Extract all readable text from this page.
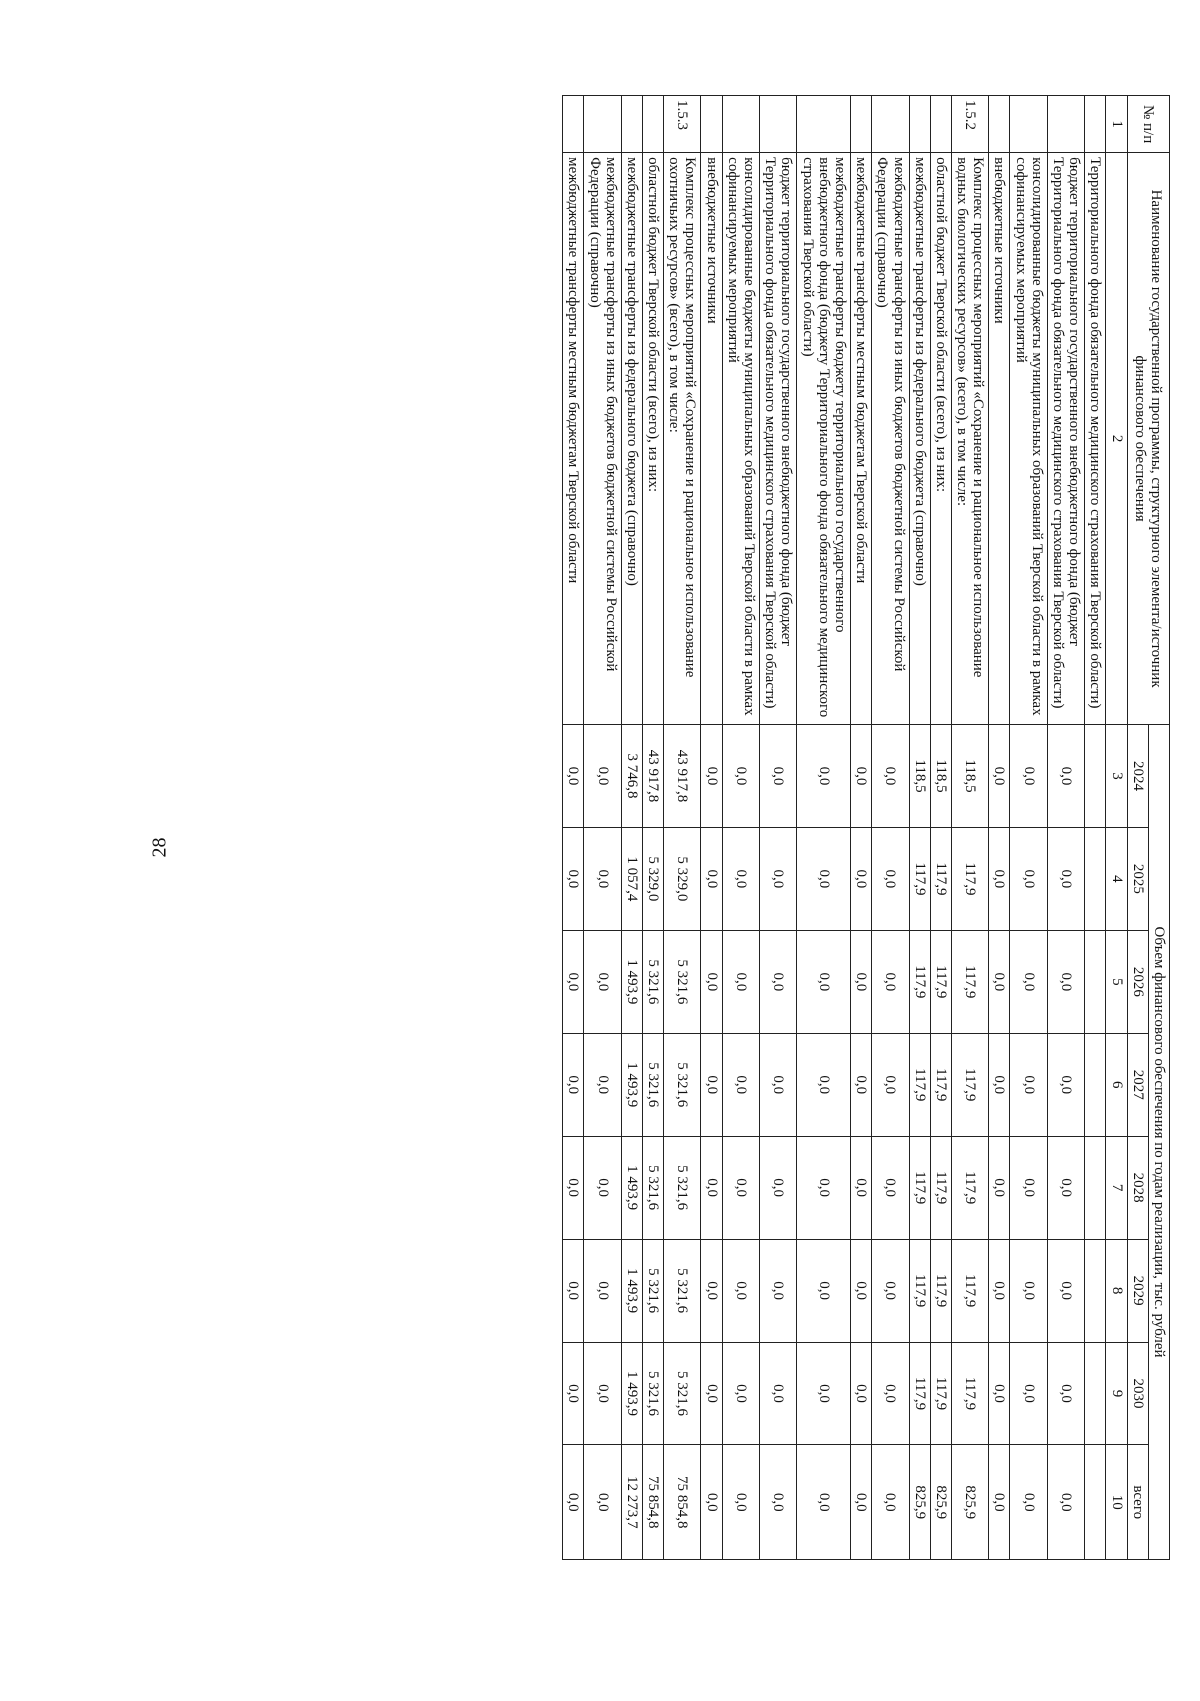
28
№ п/п	Наименование государственной программы, структурного элемента/источник финансового обеспечения	Объем финансового обеспечения по годам реализации, тыс. рублей							
		2024	2025	2026	2027	2028	2029	2030	всего
1	2	3	4	5	6	7	8	9	10
	Территориального фонда обязательного медицинского страхования Тверской области)								
	бюджет территориального государственного внебюджетного фонда (бюджет Территориального фонда обязательного медицинского страхования Тверской области)	0,0	0,0	0,0	0,0	0,0	0,0	0,0	0,0
	консолидированные бюджеты муниципальных образований Тверской области в рамках софинансируемых мероприятий	0,0	0,0	0,0	0,0	0,0	0,0	0,0	0,0
	внебюджетные источники	0,0	0,0	0,0	0,0	0,0	0,0	0,0	0,0
1.5.2	Комплекс процессных мероприятий «Сохранение и рациональное использование водных биологических ресурсов» (всего), в том числе:	118,5	117,9	117,9	117,9	117,9	117,9	117,9	825,9
	областной бюджет Тверской области (всего), из них:	118,5	117,9	117,9	117,9	117,9	117,9	117,9	825,9
	межбюджетные трансферты из федерального бюджета (справочно)	118,5	117,9	117,9	117,9	117,9	117,9	117,9	825,9
	межбюджетные трансферты из иных бюджетов бюджетной системы Российской Федерации (справочно)	0,0	0,0	0,0	0,0	0,0	0,0	0,0	0,0
	межбюджетные трансферты местным бюджетам Тверской области	0,0	0,0	0,0	0,0	0,0	0,0	0,0	0,0
	межбюджетные трансферты бюджету территориального государственного внебюджетного фонда (бюджету Территориального фонда обязательного медицинского страхования Тверской области)	0,0	0,0	0,0	0,0	0,0	0,0	0,0	0,0
	бюджет территориального государственного внебюджетного фонда (бюджет Территориального фонда обязательного медицинского страхования Тверской области)	0,0	0,0	0,0	0,0	0,0	0,0	0,0	0,0
	консолидированные бюджеты муниципальных образований Тверской области в рамках софинансируемых мероприятий	0,0	0,0	0,0	0,0	0,0	0,0	0,0	0,0
	внебюджетные источники	0,0	0,0	0,0	0,0	0,0	0,0	0,0	0,0
1.5.3	Комплекс процессных мероприятий «Сохранение и рациональное использование охотничьих ресурсов» (всего), в том числе:	43 917,8	5 329,0	5 321,6	5 321,6	5 321,6	5 321,6	5 321,6	75 854,8
	областной бюджет Тверской области (всего), из них:	43 917,8	5 329,0	5 321,6	5 321,6	5 321,6	5 321,6	5 321,6	75 854,8
	межбюджетные трансферты из федерального бюджета (справочно)	3 746,8	1 057,4	1 493,9	1 493,9	1 493,9	1 493,9	1 493,9	12 273,7
	межбюджетные трансферты из иных бюджетов бюджетной системы Российской Федерации (справочно)	0,0	0,0	0,0	0,0	0,0	0,0	0,0	0,0
	межбюджетные трансферты местным бюджетам Тверской области	0,0	0,0	0,0	0,0	0,0	0,0	0,0	0,0
